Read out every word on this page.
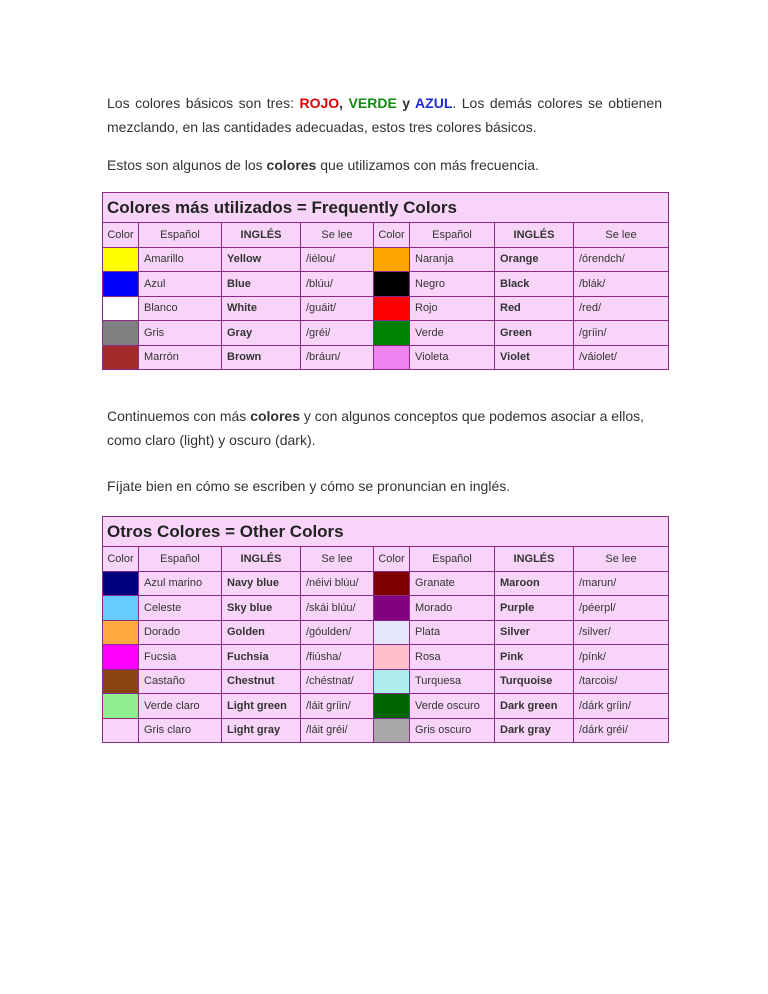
Los colores básicos son tres: ROJO, VERDE y AZUL. Los demás colores se obtienen mezclando, en las cantidades adecuadas, estos tres colores básicos.

Estos son algunos de los colores que utilizamos con más frecuencia.

Colores más utilizados = Frequently Colors							
Color	Español	INGLÉS	Se lee	Color	Español	INGLÉS	Se lee
	Amarillo	Yellow	/iélou/		Naranja	Orange	/órendch/
	Azul	Blue	/blúu/		Negro	Black	/blák/
	Blanco	White	/guáit/		Rojo	Red	/red/
	Gris	Gray	/gréi/		Verde	Green	/gríin/
	Marrón	Brown	/bráun/		Violeta	Violet	/váiolet/

Continuemos con más colores y con algunos conceptos que podemos asociar a ellos, como claro (light) y oscuro (dark).

Fíjate bien en cómo se escriben y cómo se pronuncian en inglés.

Otros Colores = Other Colors							
Color	Español	INGLÉS	Se lee	Color	Español	INGLÉS	Se lee
	Azul marino	Navy blue	/néivi blúu/		Granate	Maroon	/marun/
	Celeste	Sky blue	/skái blúu/		Morado	Purple	/péerpl/
	Dorado	Golden	/góulden/		Plata	Silver	/silver/
	Fucsia	Fuchsia	/fiúsha/		Rosa	Pink	/pínk/
	Castaño	Chestnut	/chéstnat/		Turquesa	Turquoise	/tarcois/
	Verde claro	Light green	/láit gríin/		Verde oscuro	Dark green	/dárk gríin/
	Gris claro	Light gray	/láit gréi/		Gris oscuro	Dark gray	/dárk gréi/
